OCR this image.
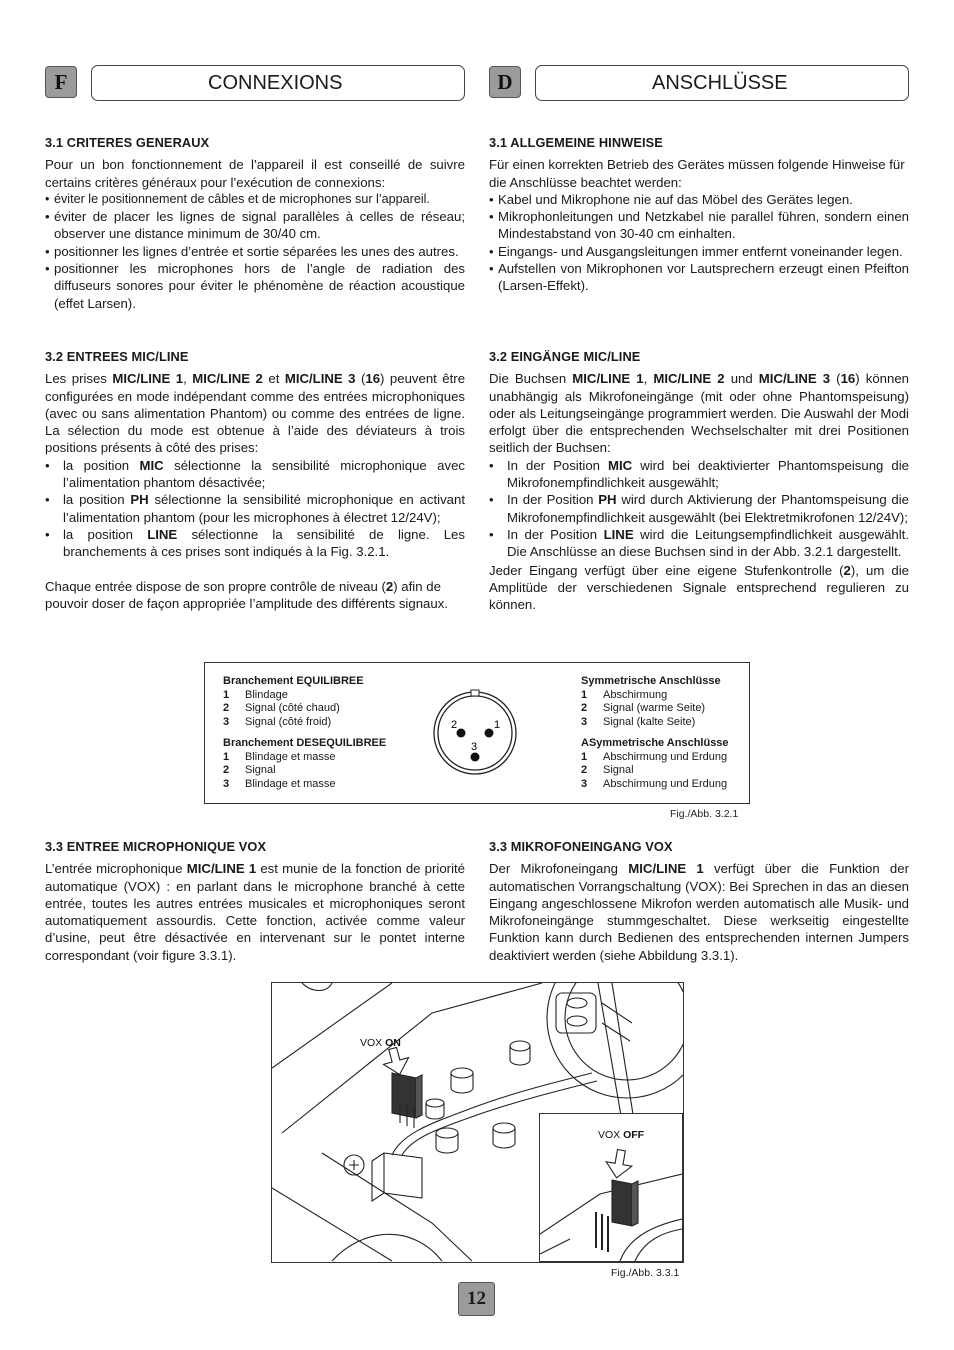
F	CONNEXIONS	D	ANSCHLÜSSE
3.1 CRITERES GENERAUX

Pour un bon fonctionnement de l’appareil il est conseillé de suivre certains critères généraux pour l’exécution de connexions:

• éviter le positionnement de câbles et de microphones sur l’appareil.
• éviter de placer les lignes de signal parallèles à celles de réseau; observer une distance minimum de 30/40 cm.
• positionner les lignes d’entrée et sortie séparées les unes des autres.
• positionner les microphones hors de l’angle de radiation des diffuseurs sonores pour éviter le phénomène de réaction acoustique (effet Larsen).
3.2 ENTREES MIC/LINE

Les prises MIC/LINE 1, MIC/LINE 2 et MIC/LINE 3 (16) peuvent être configurées en mode indépendant comme des entrées microphoniques (avec ou sans alimentation Phantom) ou comme des entrées de ligne. La sélection du mode est obtenue à l’aide des déviateurs à trois positions présents à côté des prises:

• la position MIC sélectionne la sensibilité microphonique avec l’alimentation phantom désactivée;
• la position PH sélectionne la sensibilité microphonique en activant l’alimentation phantom (pour les microphones à électret 12/24V);
• la position LINE sélectionne la sensibilité de ligne. Les branchements à ces prises sont indiqués à la Fig. 3.2.1.

Chaque entrée dispose de son propre contrôle de niveau (2) afin de pouvoir doser de façon appropriée l’amplitude des différents signaux.

3.1 ALLGEMEINE HINWEISE

Für einen korrekten Betrieb des Gerätes müssen folgende Hinweise für die Anschlüsse beachtet werden:

• Kabel und Mikrophone nie auf das Möbel des Gerätes legen.
• Mikrophonleitungen und Netzkabel nie parallel führen, sondern einen Mindestabstand von 30-40 cm einhalten.
• Eingangs- und Ausgangsleitungen immer entfernt voneinander legen.
• Aufstellen von Mikrophonen vor Lautsprechern erzeugt einen Pfeifton (Larsen-Effekt).
3.2 EINGÄNGE MIC/LINE

Die Buchsen MIC/LINE 1, MIC/LINE 2 und MIC/LINE 3 (16) können unabhängig als Mikrofoneingänge (mit oder ohne Phantomspeisung) oder als Leitungseingänge programmiert werden. Die Auswahl der Modi erfolgt über die entsprechenden Wechselschalter mit drei Positionen seitlich der Buchsen:

• In der Position MIC wird bei deaktivierter Phantomspeisung die Mikrofonempfindlichkeit ausgewählt;
• In der Position PH wird durch Aktivierung der Phantomspeisung die Mikrofonempfindlichkeit ausgewählt (bei Elektretmikrofonen 12/24V);
• In der Position LINE wird die Leitungsempfindlichkeit ausgewählt. Die Anschlüsse an diese Buchsen sind in der Abb. 3.2.1 dargestellt.

Jeder Eingang verfügt über eine eigene Stufenkontrolle (2), um die Amplitüde der verschiedenen Signale entsprechend regulieren zu können.

Branchement EQUILIBREE
1	Blindage
2	Signal (côté chaud)
3	Signal (côté froid)
Branchement DESEQUILIBREE
1	Blindage et masse
2	Signal
3	Blindage et masse
2	1
3
Symmetrische Anschlüsse
1	Abschirmung
2	Signal (warme Seite)
3	Signal (kalte Seite)
ASymmetrische Anschlüsse
1	Abschirmung und Erdung
2	Signal
3	Abschirmung und Erdung
Fig./Abb. 3.2.1
3.3 ENTREE MICROPHONIQUE VOX

L’entrée microphonique MIC/LINE 1 est munie de la fonction de priorité automatique (VOX) : en parlant dans le microphone branché à cette entrée, toutes les autres entrées musicales et microphoniques seront automatiquement assourdis. Cette fonction, activée comme valeur d’usine, peut être désactivée en intervenant sur le pontet interne correspondant (voir figure 3.3.1).

3.3 MIKROFONEINGANG VOX

Der Mikrofoneingang MIC/LINE 1 verfügt über die Funktion der automatischen Vorrangschaltung (VOX): Bei Sprechen in das an diesen Eingang angeschlossene Mikrofon werden automatisch alle Musik- und Mikrofoneingänge stummgeschaltet. Diese werkseitig eingestellte Funktion kann durch Bedienen des entsprechenden internen Jumpers deaktiviert werden (siehe Abbildung 3.3.1).

VOX ON
VOX OFF
Fig./Abb. 3.3.1
12
